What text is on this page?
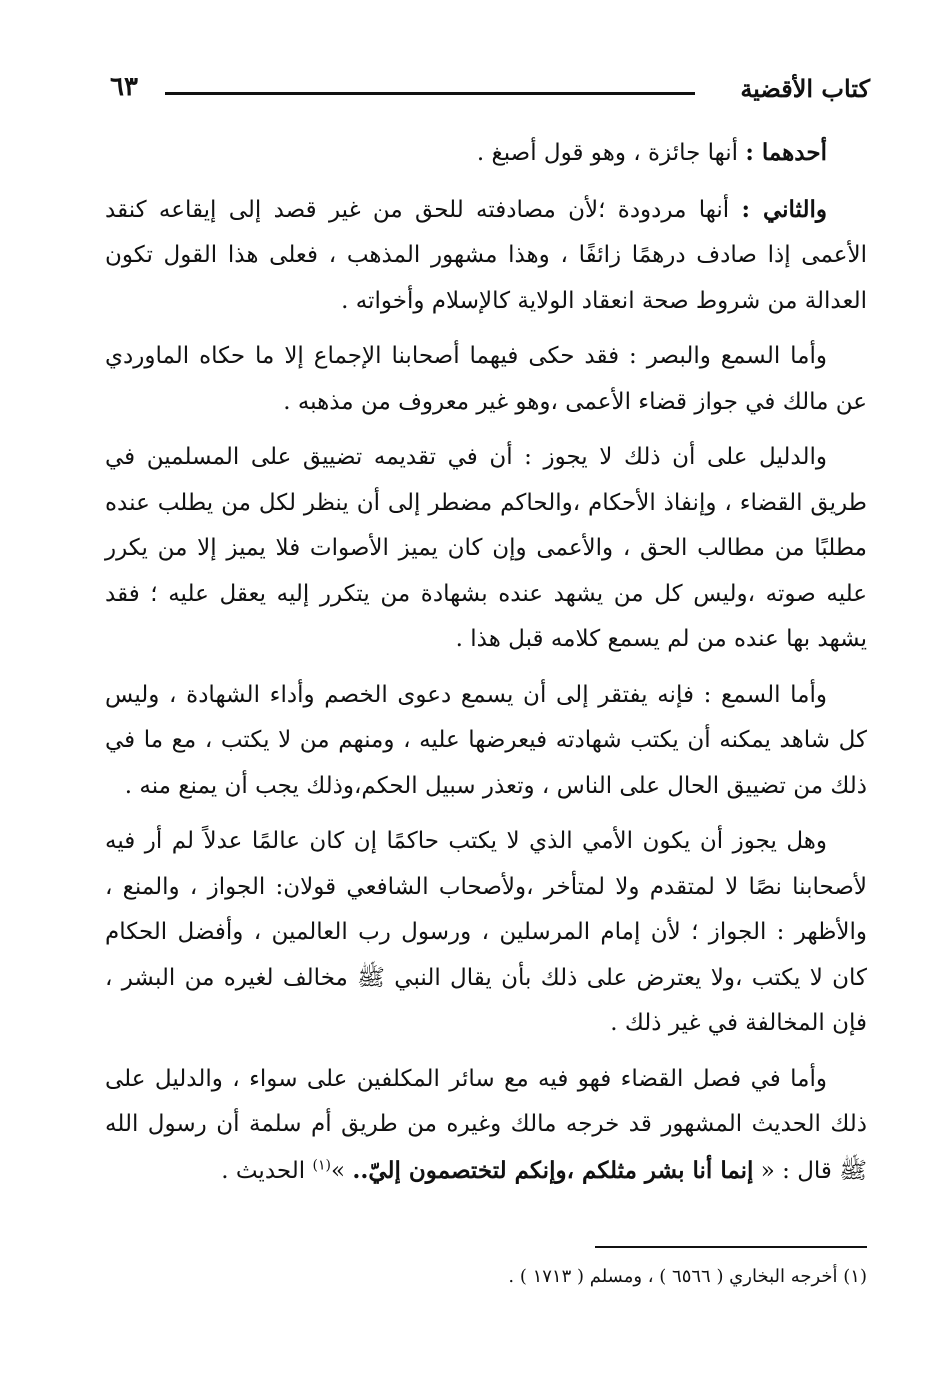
كتاب الأقضية
٦٣

أحدهما : أنها جائزة ، وهو قول أصبغ .

والثاني : أنها مردودة ؛لأن مصادفته للحق من غير قصد إلى إيقاعه كنقد الأعمى إذا صادف درهمًا زائفًا ، وهذا مشهور المذهب ، فعلى هذا القول تكون العدالة من شروط صحة انعقاد الولاية كالإسلام وأخواته .

وأما السمع والبصر : فقد حكى فيهما أصحابنا الإجماع إلا ما حكاه الماوردي عن مالك في جواز قضاء الأعمى ،وهو غير معروف من مذهبه .

والدليل على أن ذلك لا يجوز : أن في تقديمه تضييق على المسلمين في طريق القضاء ، وإنفاذ الأحكام ،والحاكم مضطر إلى أن ينظر لكل من يطلب عنده مطلبًا من مطالب الحق ، والأعمى وإن كان يميز الأصوات فلا يميز إلا من يكرر عليه صوته ،وليس كل من يشهد عنده بشهادة من يتكرر إليه يعقل عليه ؛ فقد يشهد بها عنده من لم يسمع كلامه قبل هذا .

وأما السمع : فإنه يفتقر إلى أن يسمع دعوى الخصم وأداء الشهادة ، وليس كل شاهد يمكنه أن يكتب شهادته فيعرضها عليه ، ومنهم من لا يكتب ، مع ما في ذلك من تضييق الحال على الناس ، وتعذر سبيل الحكم،وذلك يجب أن يمنع منه .

وهل يجوز أن يكون الأمي الذي لا يكتب حاكمًا إن كان عالمًا عدلاً لم أر فيه لأصحابنا نصًا لا لمتقدم ولا لمتأخر ،ولأصحاب الشافعي قولان: الجواز ، والمنع ، والأظهر : الجواز ؛ لأن إمام المرسلين ، ورسول رب العالمين ، وأفضل الحكام كان لا يكتب ،ولا يعترض على ذلك بأن يقال النبي ﷺ مخالف لغيره من البشر ، فإن المخالفة في غير ذلك .

وأما في فصل القضاء فهو فيه مع سائر المكلفين على سواء ، والدليل على ذلك الحديث المشهور قد خرجه مالك وغيره من طريق أم سلمة أن رسول الله ﷺ قال : « إنما أنا بشر مثلكم ،وإنكم لتختصمون إليّ.. »$^{(١)}$ الحديث .

(١) أخرجه البخاري ( ٦٥٦٦ ) ، ومسلم ( ١٧١٣ ) .
